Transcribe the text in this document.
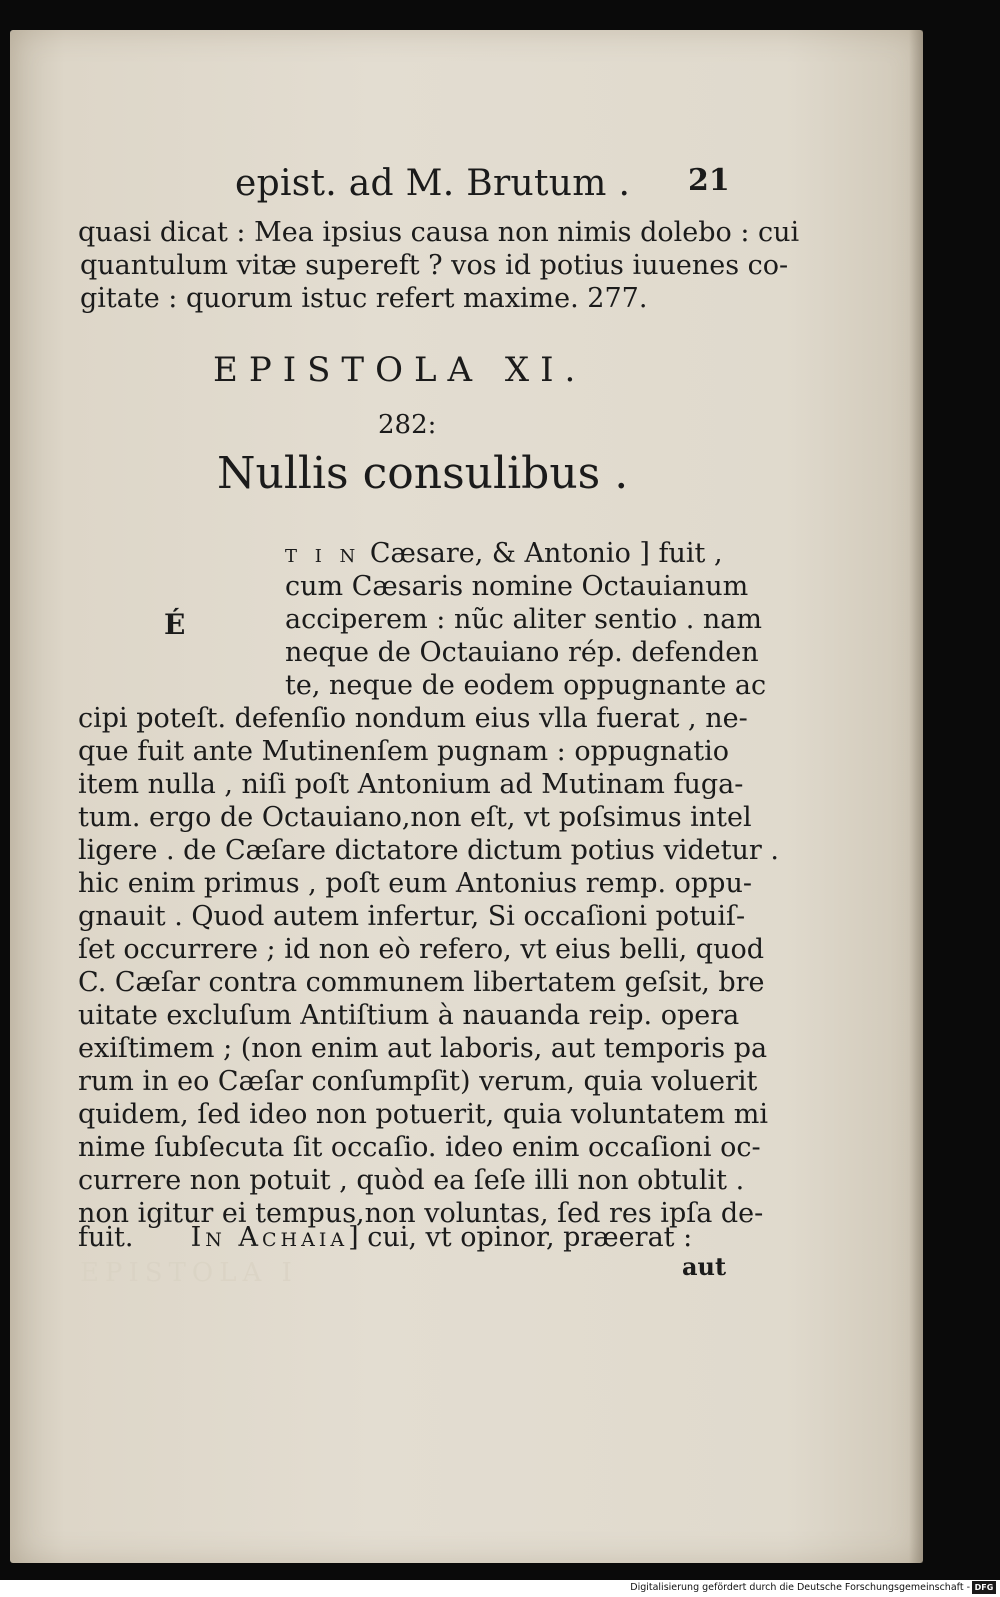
epist. ad M. Brutum . 21
quasi dicat : Mea ipsius causa non nimis dolebo : cui
quantulum vitæ supereft ? vos id potius iuuenes co-
gitate : quorum istuc refert maxime. 277.
EPISTOLA XI.
282:
Nullis consulibus .
É
T I N Cæsare, & Antonio ] fuit ,
cum Cæsaris nomine Octauianum
acciperem : nũc aliter sentio . nam
neque de Octauiano rép. defenden
te, neque de eodem oppugnante ac
cipi poteſt. defenſio nondum eius vlla fuerat , ne-
que fuit ante Mutinenſem pugnam : oppugnatio
item nulla , niſi poſt Antonium ad Mutinam fuga-
tum. ergo de Octauiano,non eſt, vt poſsimus intel
ligere . de Cæſare dictatore dictum potius videtur .
hic enim primus , poſt eum Antonius remp. oppu-
gnauit . Quod autem infertur, Si occaſioni potuiſ-
ſet occurrere ; id non eò refero, vt eius belli, quod
C. Cæſar contra communem libertatem geſsit, bre
uitate excluſum Antiſtium à nauanda reip. opera
exiſtimem ; (non enim aut laboris, aut temporis pa
rum in eo Cæſar conſumpſit) verum, quia voluerit
quidem, ſed ideo non potuerit, quia voluntatem mi
nime ſubſecuta ſit occaſio. ideo enim occaſioni oc-
currere non potuit , quòd ea ſeſe illi non obtulit .
non igitur ei tempus,non voluntas, ſed res ipſa de-
fuit. In Achaia] cui, vt opinor, præerat :
EPISTOLA I	aut
Digitalisierung gefördert durch die Deutsche Forschungsgemeinschaft - DFG
